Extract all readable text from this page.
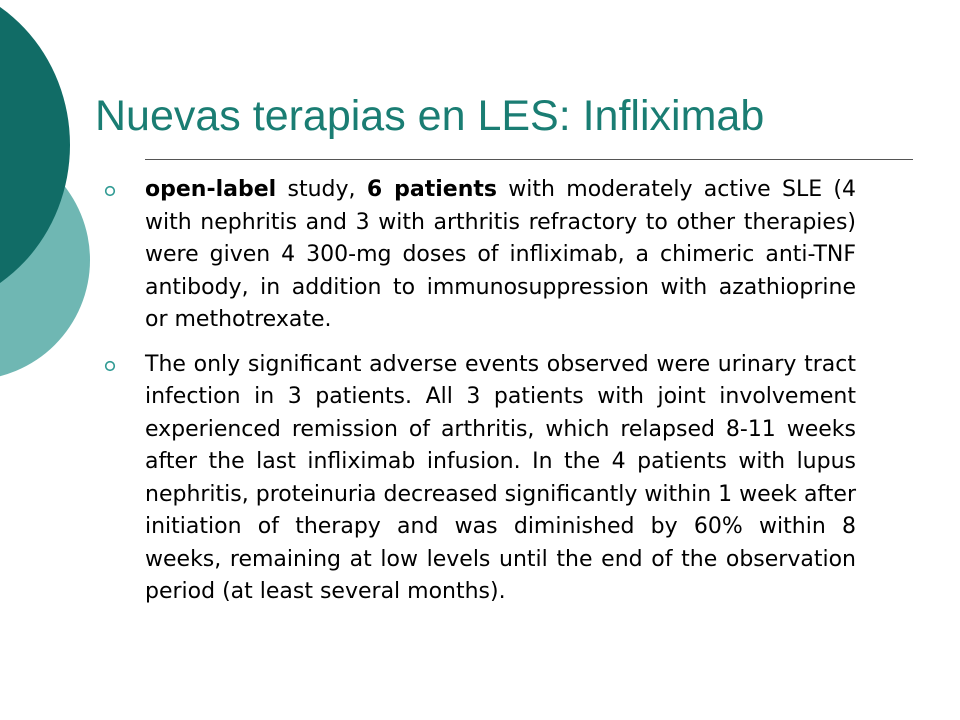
Nuevas terapias en LES: Infliximab
open-label study, 6 patients with moderately active SLE (4 with nephritis and 3 with arthritis refractory to other therapies) were given 4 300-mg doses of infliximab, a chimeric anti-TNF antibody, in addition to immunosuppression with azathioprine or methotrexate.
The only significant adverse events observed were urinary tract infection in 3 patients. All 3 patients with joint involvement experienced remission of arthritis, which relapsed 8-11 weeks after the last infliximab infusion. In the 4 patients with lupus nephritis, proteinuria decreased significantly within 1 week after initiation of therapy and was diminished by 60% within 8 weeks, remaining at low levels until the end of the observation period (at least several months).
